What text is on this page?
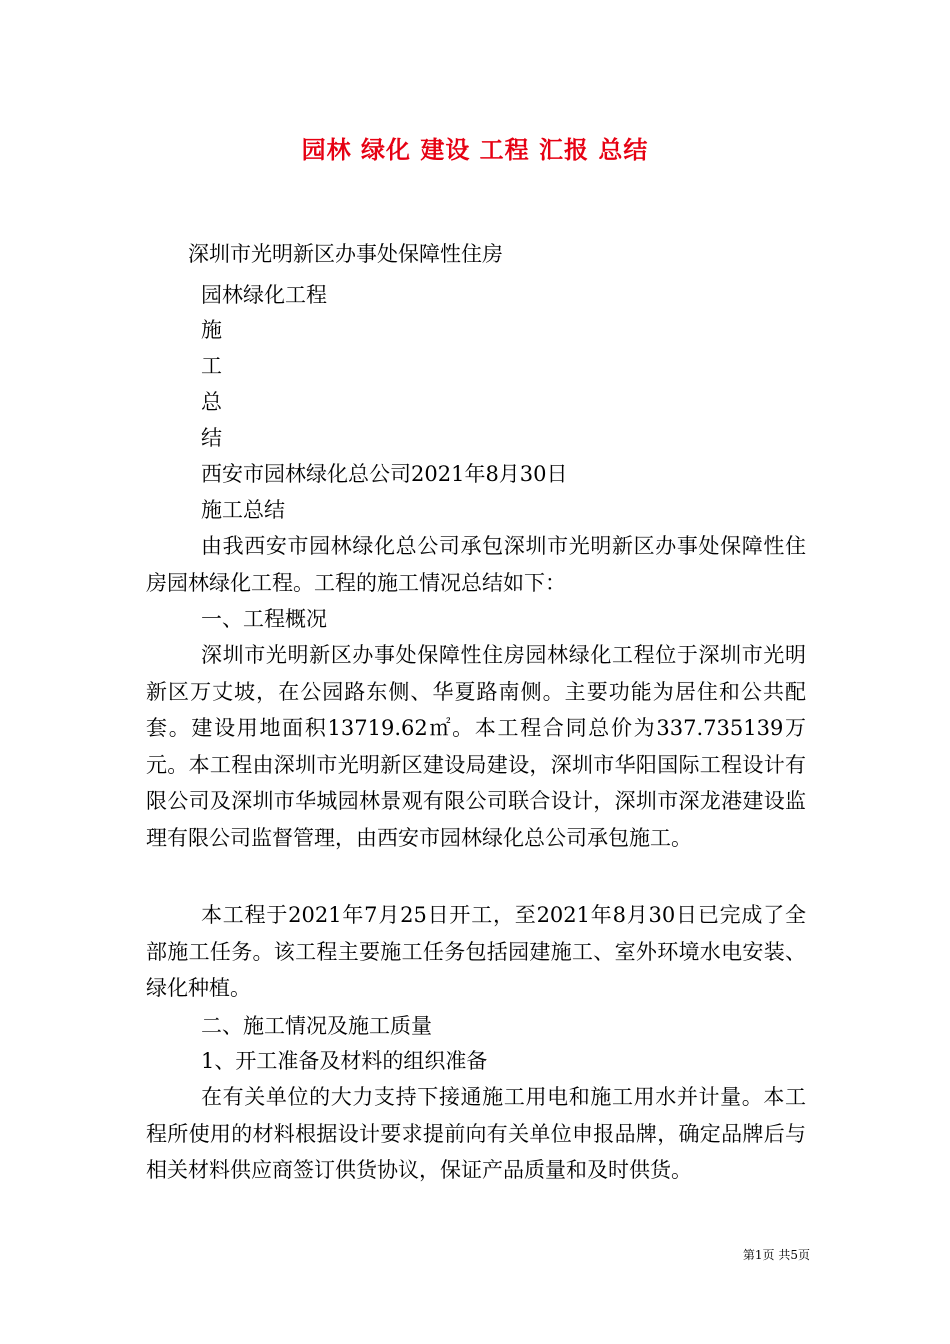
园林 绿化 建设 工程 汇报 总结
深圳市光明新区办事处保障性住房
园林绿化工程
施
工
总
结
西安市园林绿化总公司2021年8月30日
施工总结
由我西安市园林绿化总公司承包深圳市光明新区办事处保障性住房园林绿化工程。工程的施工情况总结如下：
一、工程概况
深圳市光明新区办事处保障性住房园林绿化工程位于深圳市光明新区万丈坡，在公园路东侧、华夏路南侧。主要功能为居住和公共配套。建设用地面积13719.62㎡。本工程合同总价为337.735139万元。本工程由深圳市光明新区建设局建设，深圳市华阳国际工程设计有限公司及深圳市华城园林景观有限公司联合设计，深圳市深龙港建设监理有限公司监督管理，由西安市园林绿化总公司承包施工。
本工程于2021年7月25日开工，至2021年8月30日已完成了全部施工任务。该工程主要施工任务包括园建施工、室外环境水电安装、绿化种植。
二、施工情况及施工质量
1、开工准备及材料的组织准备
在有关单位的大力支持下接通施工用电和施工用水并计量。本工程所使用的材料根据设计要求提前向有关单位申报品牌，确定品牌后与相关材料供应商签订供货协议，保证产品质量和及时供货。
第1页 共5页
